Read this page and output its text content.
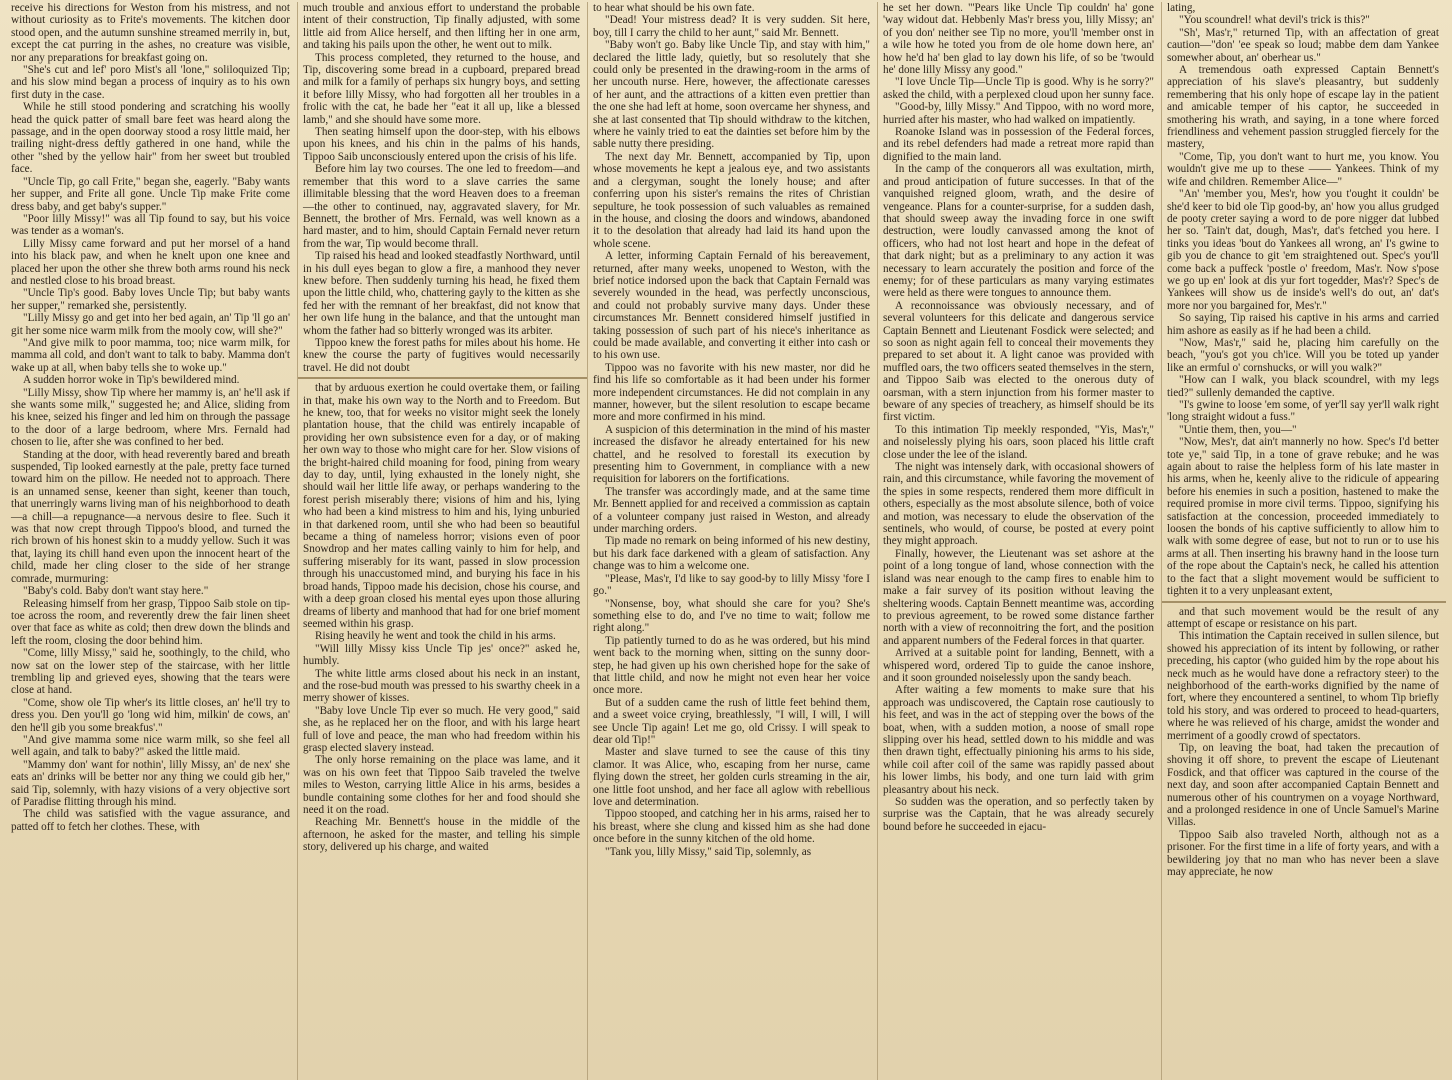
receive his directions for Weston from his mistress, and not without curiosity as to Frite's movements. The kitchen door stood open, and the autumn sunshine streamed merrily in, but, except the cat purring in the ashes, no creature was visible, nor any preparations for breakfast going on.

"She's cut and lef' poro Mist's all 'lone," soliloquized Tip; and his slow mind began a process of inquiry as to his own first duty in the case.

While he still stood pondering and scratching his woolly head the quick patter of small bare feet was heard along the passage, and in the open doorway stood a rosy little maid, her trailing night-dress deftly gathered in one hand, while the other "shed by the yellow hair" from her sweet but troubled face.

"Uncle Tip, go call Frite," began she, eagerly. "Baby wants her supper, and Frite all gone. Uncle Tip make Frite come dress baby, and get baby's supper."

"Poor lilly Missy!" was all Tip found to say, but his voice was tender as a woman's.

Lilly Missy came forward and put her morsel of a hand into his black paw, and when he knelt upon one knee and placed her upon the other she threw both arms round his neck and nestled close to his broad breast.

"Uncle Tip's good. Baby loves Uncle Tip; but baby wants her supper," remarked she, persistently.

"Lilly Missy go and get into her bed again, an' Tip 'll go an' git her some nice warm milk from the mooly cow, will she?"

"And give milk to poor mamma, too; nice warm milk, for mamma all cold, and don't want to talk to baby. Mamma don't wake up at all, when baby tells she to woke up."

A sudden horror woke in Tip's bewildered mind.

"Lilly Missy, show Tip where her mammy is, an' he'll ask if she wants some milk," suggested he; and Alice, sliding from his knee, seized his finger and led him on through the passage to the door of a large bedroom, where Mrs. Fernald had chosen to lie, after she was confined to her bed.

Standing at the door, with head reverently bared and breath suspended, Tip looked earnestly at the pale, pretty face turned toward him on the pillow. He needed not to approach. There is an unnamed sense, keener than sight, keener than touch, that unerringly warns living man of his neighborhood to death—a chill—a repugnance—a nervous desire to flee. Such it was that now crept through Tippoo's blood, and turned the rich brown of his honest skin to a muddy yellow. Such it was that, laying its chill hand even upon the innocent heart of the child, made her cling closer to the side of her strange comrade, murmuring:

"Baby's cold. Baby don't want stay here."

Releasing himself from her grasp, Tippoo Saib stole on tip-toe across the room, and reverently drew the fair linen sheet over that face as white as cold; then drew down the blinds and left the room, closing the door behind him.

"Come, lilly Missy," said he, soothingly, to the child, who now sat on the lower step of the staircase, with her little trembling lip and grieved eyes, showing that the tears were close at hand.

"Come, show ole Tip wher's its little closes, an' he'll try to dress you. Den you'll go 'long wid him, milkin' de cows, an' den he'll gib you some breakfus'."

"And give mamma some nice warm milk, so she feel all well again, and talk to baby?" asked the little maid.

"Mammy don' want for nothin', lilly Missy, an' de nex' she eats an' drinks will be better nor any thing we could gib her," said Tip, solemnly, with hazy visions of a very objective sort of Paradise flitting through his mind.

The child was satisfied with the vague assurance, and patted off to fetch her clothes. These, with

much trouble and anxious effort to understand the probable intent of their construction, Tip finally adjusted, with some little aid from Alice herself, and then lifting her in one arm, and taking his pails upon the other, he went out to milk.

This process completed, they returned to the house, and Tip, discovering some bread in a cupboard, prepared bread and milk for a family of perhaps six hungry boys, and setting it before lilly Missy, who had forgotten all her troubles in a frolic with the cat, he bade her "eat it all up, like a blessed lamb," and she should have some more.

Then seating himself upon the door-step, with his elbows upon his knees, and his chin in the palms of his hands, Tippoo Saib unconsciously entered upon the crisis of his life.

Before him lay two courses. The one led to freedom—and remember that this word to a slave carries the same illimitable blessing that the word Heaven does to a freeman—the other to continued, nay, aggravated slavery, for Mr. Bennett, the brother of Mrs. Fernald, was well known as a hard master, and to him, should Captain Fernald never return from the war, Tip would become thrall.

Tip raised his head and looked steadfastly Northward, until in his dull eyes began to glow a fire, a manhood they never knew before. Then suddenly turning his head, he fixed them upon the little child, who, chattering gayly to the kitten as she fed her with the remnant of her breakfast, did not know that her own life hung in the balance, and that the untought man whom the father had so bitterly wronged was its arbiter.

Tippoo knew the forest paths for miles about his home. He knew the course the party of fugitives would necessarily travel. He did not doubt

that by arduous exertion he could overtake them, or failing in that, make his own way to the North and to Freedom. But he knew, too, that for weeks no visitor might seek the lonely plantation house, that the child was entirely incapable of providing her own subsistence even for a day, or of making her own way to those who might care for her. Slow visions of the bright-haired child moaning for food, pining from weary day to day, until, lying exhausted in the lonely night, she should wail her little life away, or perhaps wandering to the forest perish miserably there; visions of him and his, lying who had been a kind mistress to him and his, lying unburied in that darkened room, until she who had been so beautiful became a thing of nameless horror; visions even of poor Snowdrop and her mates calling vainly to him for help, and suffering miserably for its want, passed in slow procession through his unaccustomed mind, and burying his face in his broad hands, Tippoo made his decision, chose his course, and with a deep groan closed his mental eyes upon those alluring dreams of liberty and manhood that had for one brief moment seemed within his grasp.

Rising heavily he went and took the child in his arms.

"Will lilly Missy kiss Uncle Tip jes' once?" asked he, humbly.

The white little arms closed about his neck in an instant, and the rose-bud mouth was pressed to his swarthy cheek in a merry shower of kisses.

"Baby love Uncle Tip ever so much. He very good," said she, as he replaced her on the floor, and with his large heart full of love and peace, the man who had freedom within his grasp elected slavery instead.

The only horse remaining on the place was lame, and it was on his own feet that Tippoo Saib traveled the twelve miles to Weston, carrying little Alice in his arms, besides a bundle containing some clothes for her and food should she need it on the road.

Reaching Mr. Bennett's house in the middle of the afternoon, he asked for the master, and telling his simple story, delivered up his charge, and waited

to hear what should be his own fate.

"Dead! Your mistress dead? It is very sudden. Sit here, boy, till I carry the child to her aunt," said Mr. Bennett.

"Baby won't go. Baby like Uncle Tip, and stay with him," declared the little lady, quietly, but so resolutely that she could only be presented in the drawing-room in the arms of her uncouth nurse. Here, however, the affectionate caresses of her aunt, and the attractions of a kitten even prettier than the one she had left at home, soon overcame her shyness, and she at last consented that Tip should withdraw to the kitchen, where he vainly tried to eat the dainties set before him by the sable nutty there presiding.

The next day Mr. Bennett, accompanied by Tip, upon whose movements he kept a jealous eye, and two assistants and a clergyman, sought the lonely house; and after conferring upon his sister's remains the rites of Christian sepulture, he took possession of such valuables as remained in the house, and closing the doors and windows, abandoned it to the desolation that already had laid its hand upon the whole scene.

A letter, informing Captain Fernald of his bereavement, returned, after many weeks, unopened to Weston, with the brief notice indorsed upon the back that Captain Fernald was severely wounded in the head, was perfectly unconscious, and could not probably survive many days. Under these circumstances Mr. Bennett considered himself justified in taking possession of such part of his niece's inheritance as could be made available, and converting it either into cash or to his own use.

Tippoo was no favorite with his new master, nor did he find his life so comfortable as it had been under his former more independent circumstances. He did not complain in any manner, however, but the silent resolution to escape became more and more confirmed in his mind.

A suspicion of this determination in the mind of his master increased the disfavor he already entertained for his new chattel, and he resolved to forestall its execution by presenting him to Government, in compliance with a new requisition for laborers on the fortifications.

The transfer was accordingly made, and at the same time Mr. Bennett applied for and received a commission as captain of a volunteer company just raised in Weston, and already under marching orders.

Tip made no remark on being informed of his new destiny, but his dark face darkened with a gleam of satisfaction. Any change was to him a welcome one.

"Please, Mas'r, I'd like to say good-by to lilly Missy 'fore I go."

"Nonsense, boy, what should she care for you? She's something else to do, and I've no time to wait; follow me right along."

Tip patiently turned to do as he was ordered, but his mind went back to the morning when, sitting on the sunny door-step, he had given up his own cherished hope for the sake of that little child, and now he might not even hear her voice once more.

But of a sudden came the rush of little feet behind them, and a sweet voice crying, breathlessly, "I will, I will, I will see Uncle Tip again! Let me go, old Crissy. I will speak to dear old Tip!"

Master and slave turned to see the cause of this tiny clamor. It was Alice, who, escaping from her nurse, came flying down the street, her golden curls streaming in the air, one little foot unshod, and her face all aglow with rebellious love and determination.

Tippoo stooped, and catching her in his arms, raised her to his breast, where she clung and kissed him as she had done once before in the sunny kitchen of the old home.

"Tank you, lilly Missy," said Tip, solemnly, as

he set her down. "'Pears like Uncle Tip couldn' ha' gone 'way widout dat. Hebbenly Mas'r bress you, lilly Missy; an' of you don' neither see Tip no more, you'll 'member onst in a wile how he toted you from de ole home down here, an' how he'd ha' ben glad to lay down his life, of so be 'twould he' done lilly Missy any good."

"I love Uncle Tip—Uncle Tip is good. Why is he sorry?" asked the child, with a perplexed cloud upon her sunny face.

"Good-by, lilly Missy." And Tippoo, with no word more, hurried after his master, who had walked on impatiently.

Roanoke Island was in possession of the Federal forces, and its rebel defenders had made a retreat more rapid than dignified to the main land.

In the camp of the conquerors all was exultation, mirth, and proud anticipation of future successes. In that of the vanquished reigned gloom, wrath, and the desire of vengeance. Plans for a counter-surprise, for a sudden dash, that should sweep away the invading force in one swift destruction, were loudly canvassed among the knot of officers, who had not lost heart and hope in the defeat of that dark night; but as a preliminary to any action it was necessary to learn accurately the position and force of the enemy; for of these particulars as many varying estimates were held as there were tongues to announce them.

A reconnoissance was obviously necessary, and of several volunteers for this delicate and dangerous service Captain Bennett and Lieutenant Fosdick were selected; and so soon as night again fell to conceal their movements they prepared to set about it. A light canoe was provided with muffled oars, the two officers seated themselves in the stern, and Tippoo Saib was elected to the onerous duty of oarsman, with a stern injunction from his former master to beware of any species of treachery, as himself should be its first victim.

To this intimation Tip meekly responded, "Yis, Mas'r," and noiselessly plying his oars, soon placed his little craft close under the lee of the island.

The night was intensely dark, with occasional showers of rain, and this circumstance, while favoring the movement of the spies in some respects, rendered them more difficult in others, especially as the most absolute silence, both of voice and motion, was necessary to elude the observation of the sentinels, who would, of course, be posted at every point they might approach.

Finally, however, the Lieutenant was set ashore at the point of a long tongue of land, whose connection with the island was near enough to the camp fires to enable him to make a fair survey of its position without leaving the sheltering woods. Captain Bennett meantime was, according to previous agreement, to be rowed some distance farther north with a view of reconnoitring the fort, and the position and apparent numbers of the Federal forces in that quarter.

Arrived at a suitable point for landing, Bennett, with a whispered word, ordered Tip to guide the canoe inshore, and it soon grounded noiselessly upon the sandy beach.

After waiting a few moments to make sure that his approach was undiscovered, the Captain rose cautiously to his feet, and was in the act of stepping over the bows of the boat, when, with a sudden motion, a noose of small rope slipping over his head, settled down to his middle and was then drawn tight, effectually pinioning his arms to his side, while coil after coil of the same was rapidly passed about his lower limbs, his body, and one turn laid with grim pleasantry about his neck.

So sudden was the operation, and so perfectly taken by surprise was the Captain, that he was already securely bound before he succeeded in ejacu-

lating,

"You scoundrel! what devil's trick is this?"

"Sh', Mas'r," returned Tip, with an affectation of great caution—"don' 'ee speak so loud; mabbe dem dam Yankee somewher about, an' oberhear us."

A tremendous oath expressed Captain Bennett's appreciation of his slave's pleasantry, but suddenly remembering that his only hope of escape lay in the patient and amicable temper of his captor, he succeeded in smothering his wrath, and saying, in a tone where forced friendliness and vehement passion struggled fiercely for the mastery,

"Come, Tip, you don't want to hurt me, you know. You wouldn't give me up to these —— Yankees. Think of my wife and children. Remember Alice—"

"An' 'member you, Mes'r, how you t'ought it couldn' be she'd keer to bid ole Tip good-by, an' how you allus grudged de pooty creter saying a word to de pore nigger dat lubbed her so. 'Tain't dat, dough, Mas'r, dat's fetched you here. I tinks you ideas 'bout do Yankees all wrong, an' I's gwine to gib you de chance to git 'em straightened out. Spec's you'll come back a puffeck 'postle o' freedom, Mas'r. Now s'pose we go up en' look at dis yur fort togedder, Mas'r? Spec's de Yankees will show us de inside's well's do out, an' dat's more nor you bargained for, Mes'r."

So saying, Tip raised his captive in his arms and carried him ashore as easily as if he had been a child.

"Now, Mas'r," said he, placing him carefully on the beach, "you's got you ch'ice. Will you be toted up yander like an ermful o' cornshucks, or will you walk?"

"How can I walk, you black scoundrel, with my legs tied?" sullenly demanded the captive.

"I's gwine to loose 'em some, of yer'll say yer'll walk right 'long straight widout a fuss."

"Untie them, then, you—"

"Now, Mes'r, dat ain't mannerly no how. Spec's I'd better tote ye," said Tip, in a tone of grave rebuke; and he was again about to raise the helpless form of his late master in his arms, when he, keenly alive to the ridicule of appearing before his enemies in such a position, hastened to make the required promise in more civil terms. Tippoo, signifying his satisfaction at the concession, proceeded immediately to loosen the bonds of his captive sufficiently to allow him to walk with some degree of ease, but not to run or to use his arms at all. Then inserting his brawny hand in the loose turn of the rope about the Captain's neck, he called his attention to the fact that a slight movement would be sufficient to tighten it to a very unpleasant extent,

and that such movement would be the result of any attempt of escape or resistance on his part.

This intimation the Captain received in sullen silence, but showed his appreciation of its intent by following, or rather preceding, his captor (who guided him by the rope about his neck much as he would have done a refractory steer) to the neighborhood of the earth-works dignified by the name of fort, where they encountered a sentinel, to whom Tip briefly told his story, and was ordered to proceed to head-quarters, where he was relieved of his charge, amidst the wonder and merriment of a goodly crowd of spectators.

Tip, on leaving the boat, had taken the precaution of shoving it off shore, to prevent the escape of Lieutenant Fosdick, and that officer was captured in the course of the next day, and soon after accompanied Captain Bennett and numerous other of his countrymen on a voyage Northward, and a prolonged residence in one of Uncle Samuel's Marine Villas.

Tippoo Saib also traveled North, although not as a prisoner. For the first time in a life of forty years, and with a bewildering joy that no man who has never been a slave may appreciate, he now
